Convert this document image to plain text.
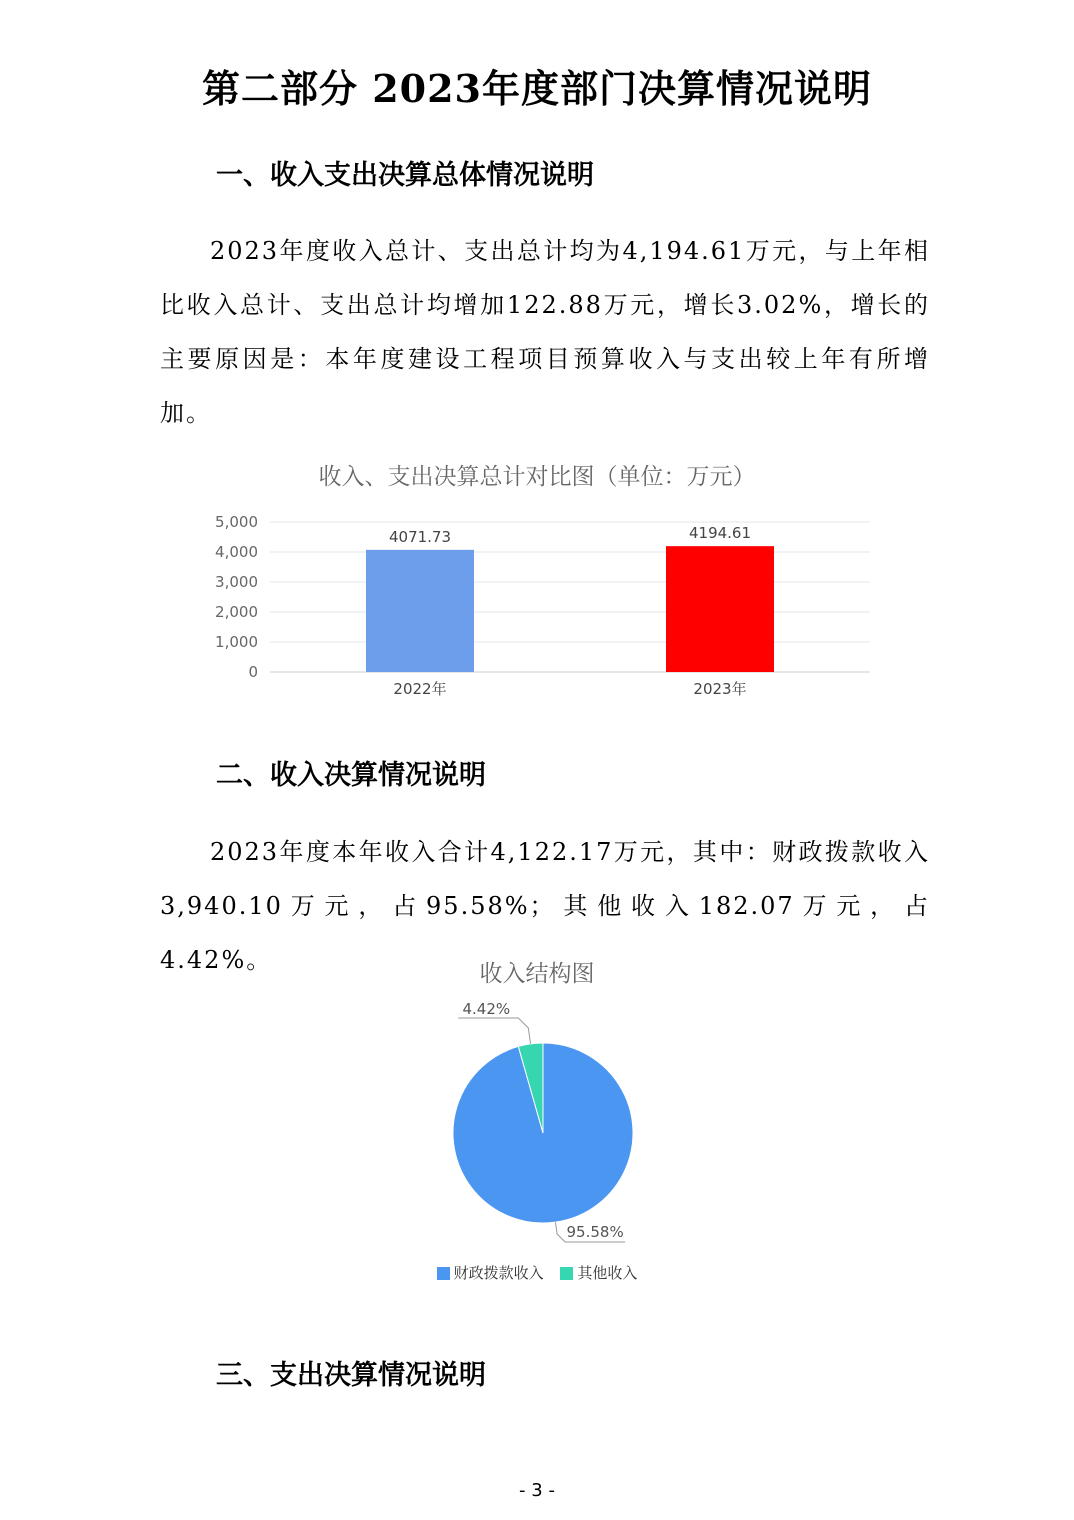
第二部分 2023年度部门决算情况说明
一、收入支出决算总体情况说明

2023年度收入总计、支出总计均为4,194.61万元，与上年相比收入总计、支出总计均增加122.88万元，增长3.02%，增长的主要原因是：本年度建设工程项目预算收入与支出较上年有所增加。

收入、支出决算总计对比图（单位：万元）
0
1,000
2,000
3,000
4,000
5,000
4071.73
2022年
4194.61
2023年
二、收入决算情况说明

2023年度本年收入合计4,122.17万元，其中：财政拨款收入3,940.10万元，占95.58%；其他收入182.07万元，占4.42%。	收入结构图
95.58%
4.42%
财政拨款收入 其他收入
三、支出决算情况说明
- 3 -
